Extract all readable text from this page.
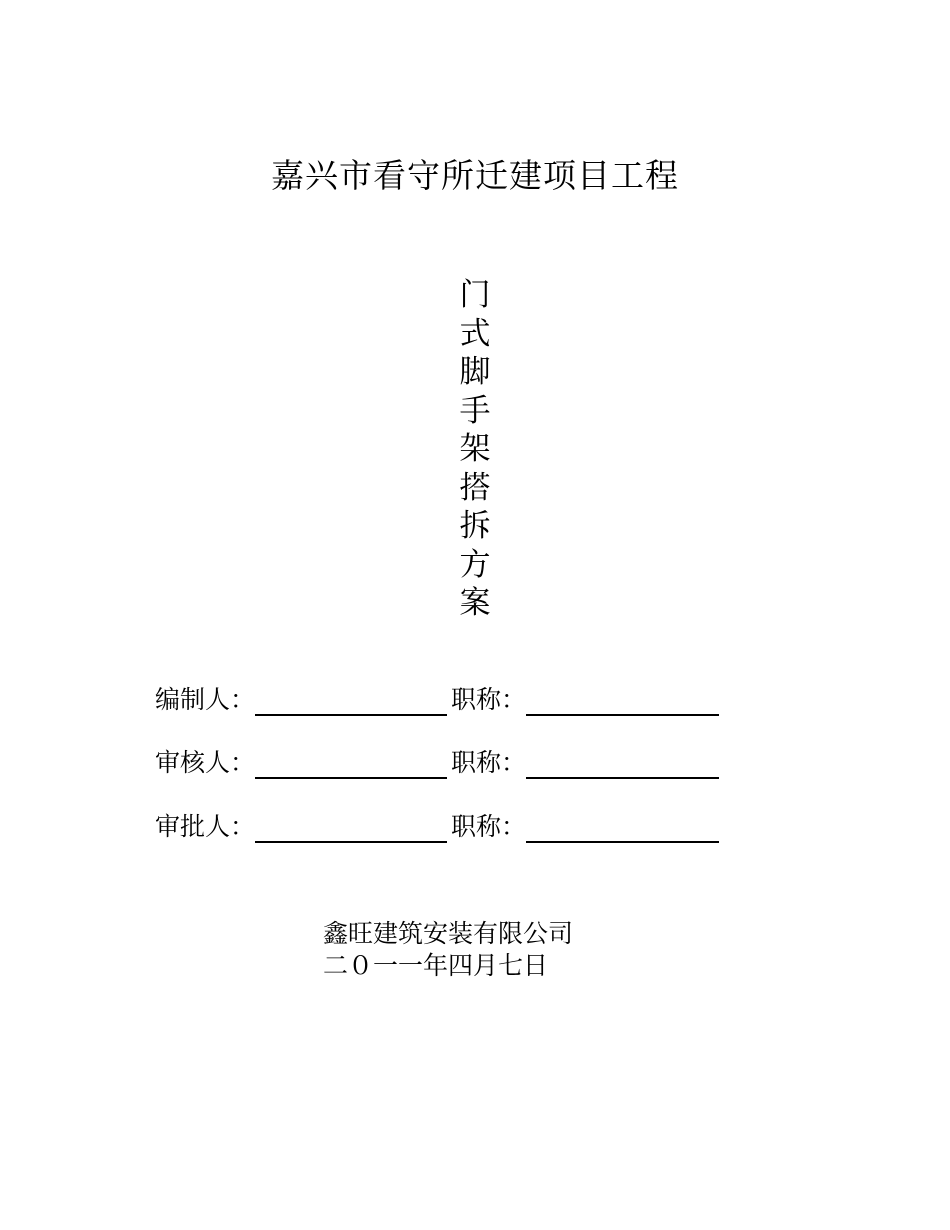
嘉兴市看守所迁建项目工程
门
式
脚
手
架
搭
拆
方
案
编制人：	职称：
审核人：	职称：
审批人：	职称：
鑫旺建筑安装有限公司
二０一一年四月七日
